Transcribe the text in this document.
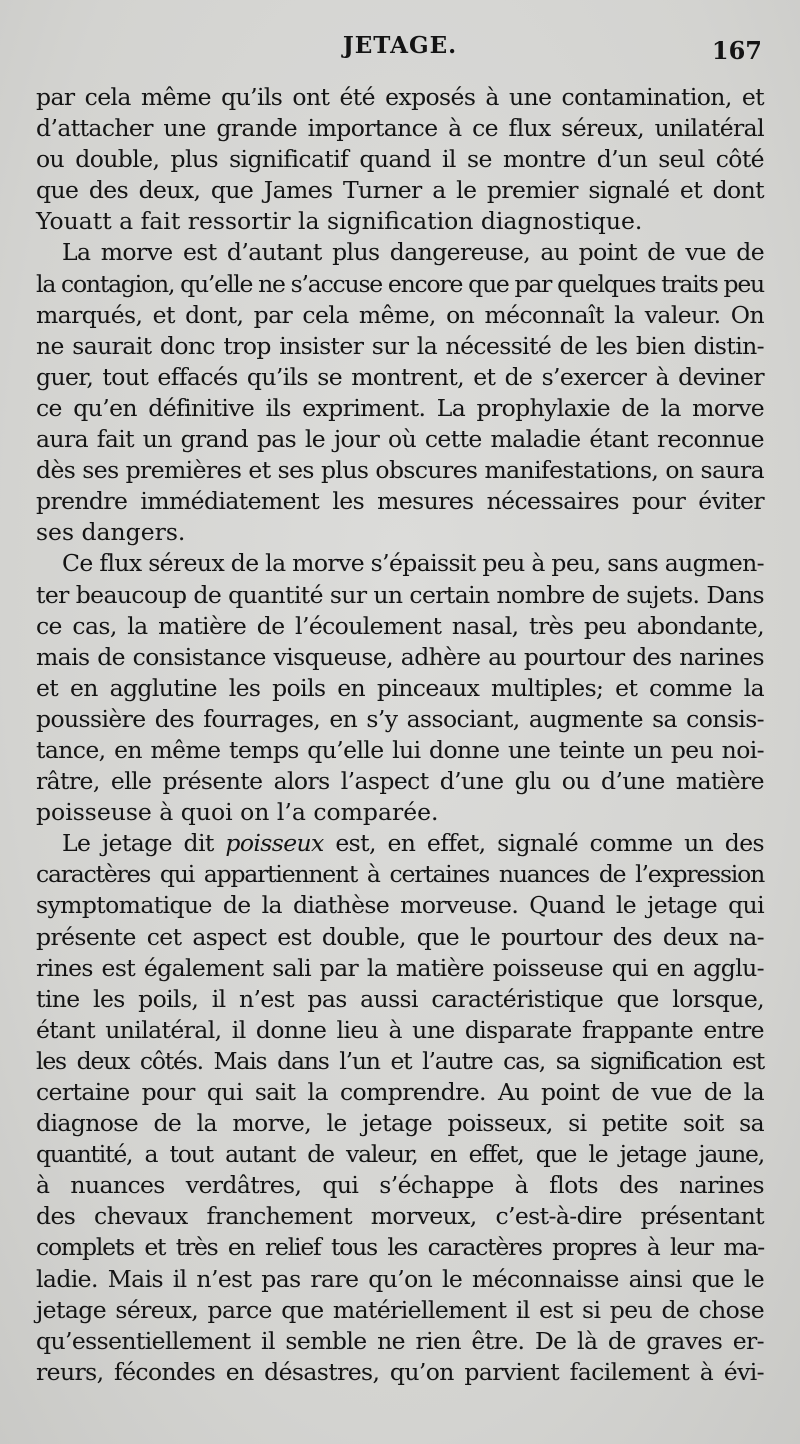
JETAGE.	167
par cela même qu’ils ont été exposés à une contamination, et
d’attacher une grande importance à ce flux séreux, unilatéral
ou double, plus significatif quand il se montre d’un seul côté
que des deux, que James Turner a le premier signalé et dont
Youatt a fait ressortir la signification diagnostique.
La morve est d’autant plus dangereuse, au point de vue de
la contagion, qu’elle ne s’accuse encore que par quelques traits peu
marqués, et dont, par cela même, on méconnaît la valeur. On
ne saurait donc trop insister sur la nécessité de les bien distin-
guer, tout effacés qu’ils se montrent, et de s’exercer à deviner
ce qu’en définitive ils expriment. La prophylaxie de la morve
aura fait un grand pas le jour où cette maladie étant reconnue
dès ses premières et ses plus obscures manifestations, on saura
prendre immédiatement les mesures nécessaires pour éviter
ses dangers.
Ce flux séreux de la morve s’épaissit peu à peu, sans augmen-
ter beaucoup de quantité sur un certain nombre de sujets. Dans
ce cas, la matière de l’écoulement nasal, très peu abondante,
mais de consistance visqueuse, adhère au pourtour des narines
et en agglutine les poils en pinceaux multiples; et comme la
poussière des fourrages, en s’y associant, augmente sa consis-
tance, en même temps qu’elle lui donne une teinte un peu noi-
râtre, elle présente alors l’aspect d’une glu ou d’une matière
poisseuse à quoi on l’a comparée.
Le jetage dit poisseux est, en effet, signalé comme un des
caractères qui appartiennent à certaines nuances de l’expression
symptomatique de la diathèse morveuse. Quand le jetage qui
présente cet aspect est double, que le pourtour des deux na-
rines est également sali par la matière poisseuse qui en agglu-
tine les poils, il n’est pas aussi caractéristique que lorsque,
étant unilatéral, il donne lieu à une disparate frappante entre
les deux côtés. Mais dans l’un et l’autre cas, sa signification est
certaine pour qui sait la comprendre. Au point de vue de la
diagnose de la morve, le jetage poisseux, si petite soit sa
quantité, a tout autant de valeur, en effet, que le jetage jaune,
à nuances verdâtres, qui s’échappe à flots des narines
des chevaux franchement morveux, c’est-à-dire présentant
complets et très en relief tous les caractères propres à leur ma-
ladie. Mais il n’est pas rare qu’on le méconnaisse ainsi que le
jetage séreux, parce que matériellement il est si peu de chose
qu’essentiellement il semble ne rien être. De là de graves er-
reurs, fécondes en désastres, qu’on parvient facilement à évi-
